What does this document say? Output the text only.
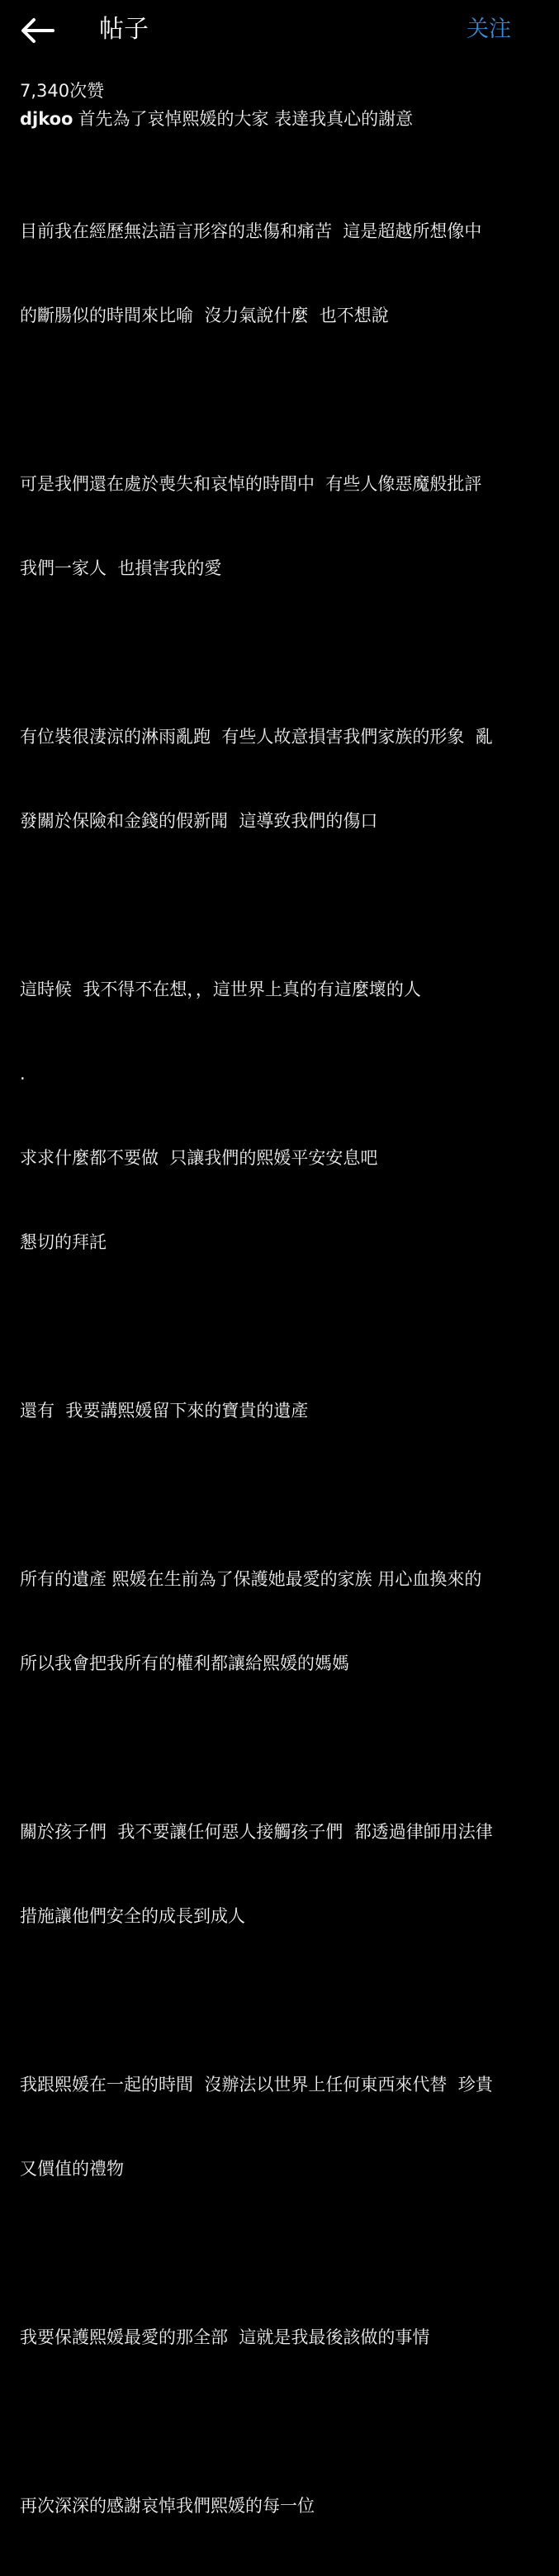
帖子	关注
7,340次赞
djkoo 首先為了哀悼熙媛的大家 表達我真心的謝意

目前我在經歷無法語言形容的悲傷和痛苦  這是超越所想像中

的斷腸似的時間來比喻  沒力氣說什麼  也不想說

可是我們還在處於喪失和哀悼的時間中  有些人像惡魔般批評

我們一家人  也損害我的愛

有位裝很淒涼的淋雨亂跑  有些人故意損害我們家族的形象  亂

發關於保險和金錢的假新聞  這導致我們的傷口

這時候  我不得不在想，，這世界上真的有這麼壞的人

.

求求什麼都不要做  只讓我們的熙媛平安安息吧

懇切的拜託

還有  我要講熙媛留下來的寶貴的遺產

所有的遺產 熙媛在生前為了保護她最愛的家族 用心血換來的

所以我會把我所有的權利都讓給熙媛的媽媽

關於孩子們  我不要讓任何惡人接觸孩子們  都透過律師用法律

措施讓他們安全的成長到成人

我跟熙媛在一起的時間  沒辦法以世界上任何東西來代替  珍貴

又價值的禮物

我要保護熙媛最愛的那全部  這就是我最後該做的事情

再次深深的感謝哀悼我們熙媛的每一位
